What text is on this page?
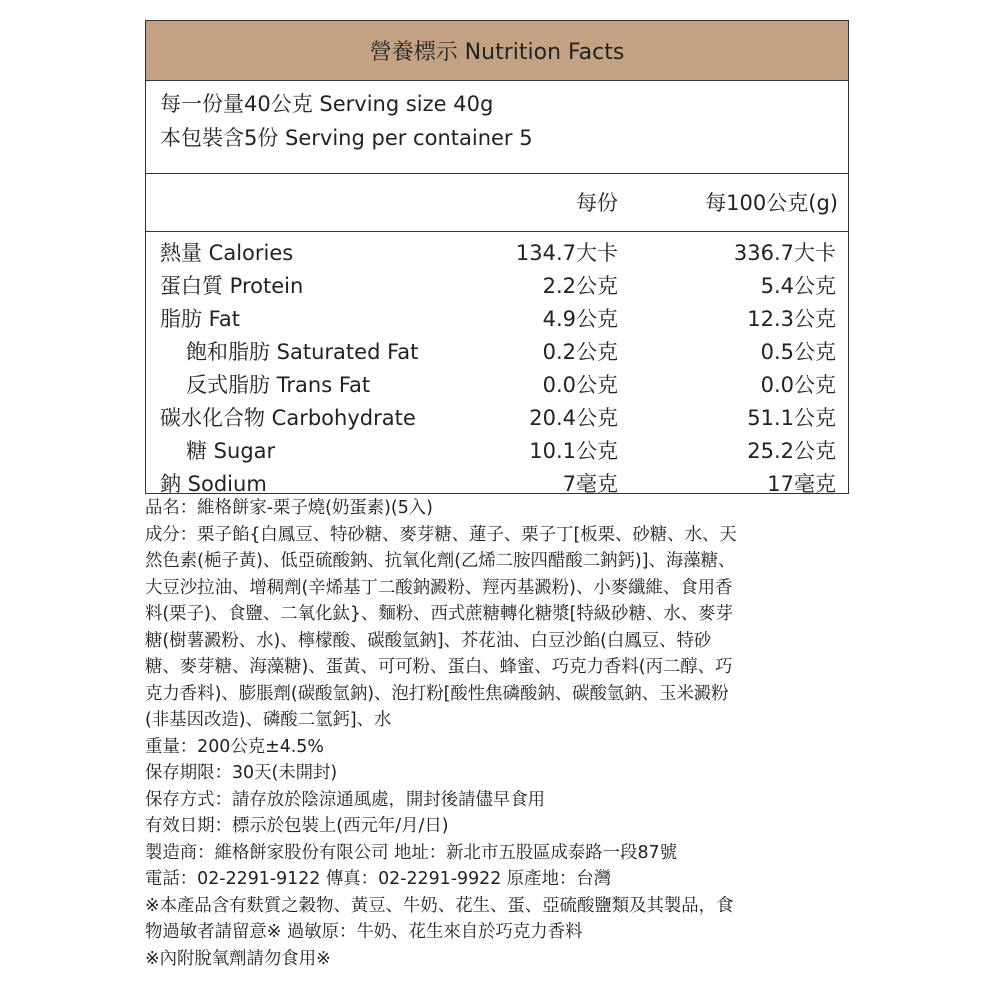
營養標示 Nutrition Facts
每一份量40公克 Serving size 40g
本包裝含5份 Serving per container 5
每份	每100公克(g)
熱量 Calories	134.7大卡	336.7大卡
蛋白質 Protein	2.2公克	5.4公克
脂肪 Fat	4.9公克	12.3公克
飽和脂肪 Saturated Fat	0.2公克	0.5公克
反式脂肪 Trans Fat	0.0公克	0.0公克
碳水化合物 Carbohydrate	20.4公克	51.1公克
糖 Sugar	10.1公克	25.2公克
鈉 Sodium	7毫克	17毫克

品名：維格餅家-栗子燒(奶蛋素)(5入)

成分：栗子餡{白鳳豆、特砂糖、麥芽糖、蓮子、栗子丁[板栗、砂糖、水、天

然色素(梔子黃)、低亞硫酸鈉、抗氧化劑(乙烯二胺四醋酸二鈉鈣)]、海藻糖、

大豆沙拉油、增稠劑(辛烯基丁二酸鈉澱粉、羥丙基澱粉)、小麥纖維、食用香

料(栗子)、食鹽、二氧化鈦}、麵粉、西式蔗糖轉化糖漿[特級砂糖、水、麥芽

糖(樹薯澱粉、水)、檸檬酸、碳酸氫鈉]、芥花油、白豆沙餡(白鳳豆、特砂

糖、麥芽糖、海藻糖)、蛋黃、可可粉、蛋白、蜂蜜、巧克力香料(丙二醇、巧

克力香料)、膨脹劑(碳酸氫鈉)、泡打粉[酸性焦磷酸鈉、碳酸氫鈉、玉米澱粉

(非基因改造)、磷酸二氫鈣]、水

重量：200公克±4.5%

保存期限：30天(未開封)

保存方式：請存放於陰涼通風處，開封後請儘早食用

有效日期：標示於包裝上(西元年/月/日)

製造商：維格餅家股份有限公司 地址：新北市五股區成泰路一段87號

電話：02-2291-9122 傳真：02-2291-9922 原產地：台灣

※本產品含有麩質之穀物、黃豆、牛奶、花生、蛋、亞硫酸鹽類及其製品，食

物過敏者請留意※ 過敏原：牛奶、花生來自於巧克力香料

※內附脫氧劑請勿食用※
